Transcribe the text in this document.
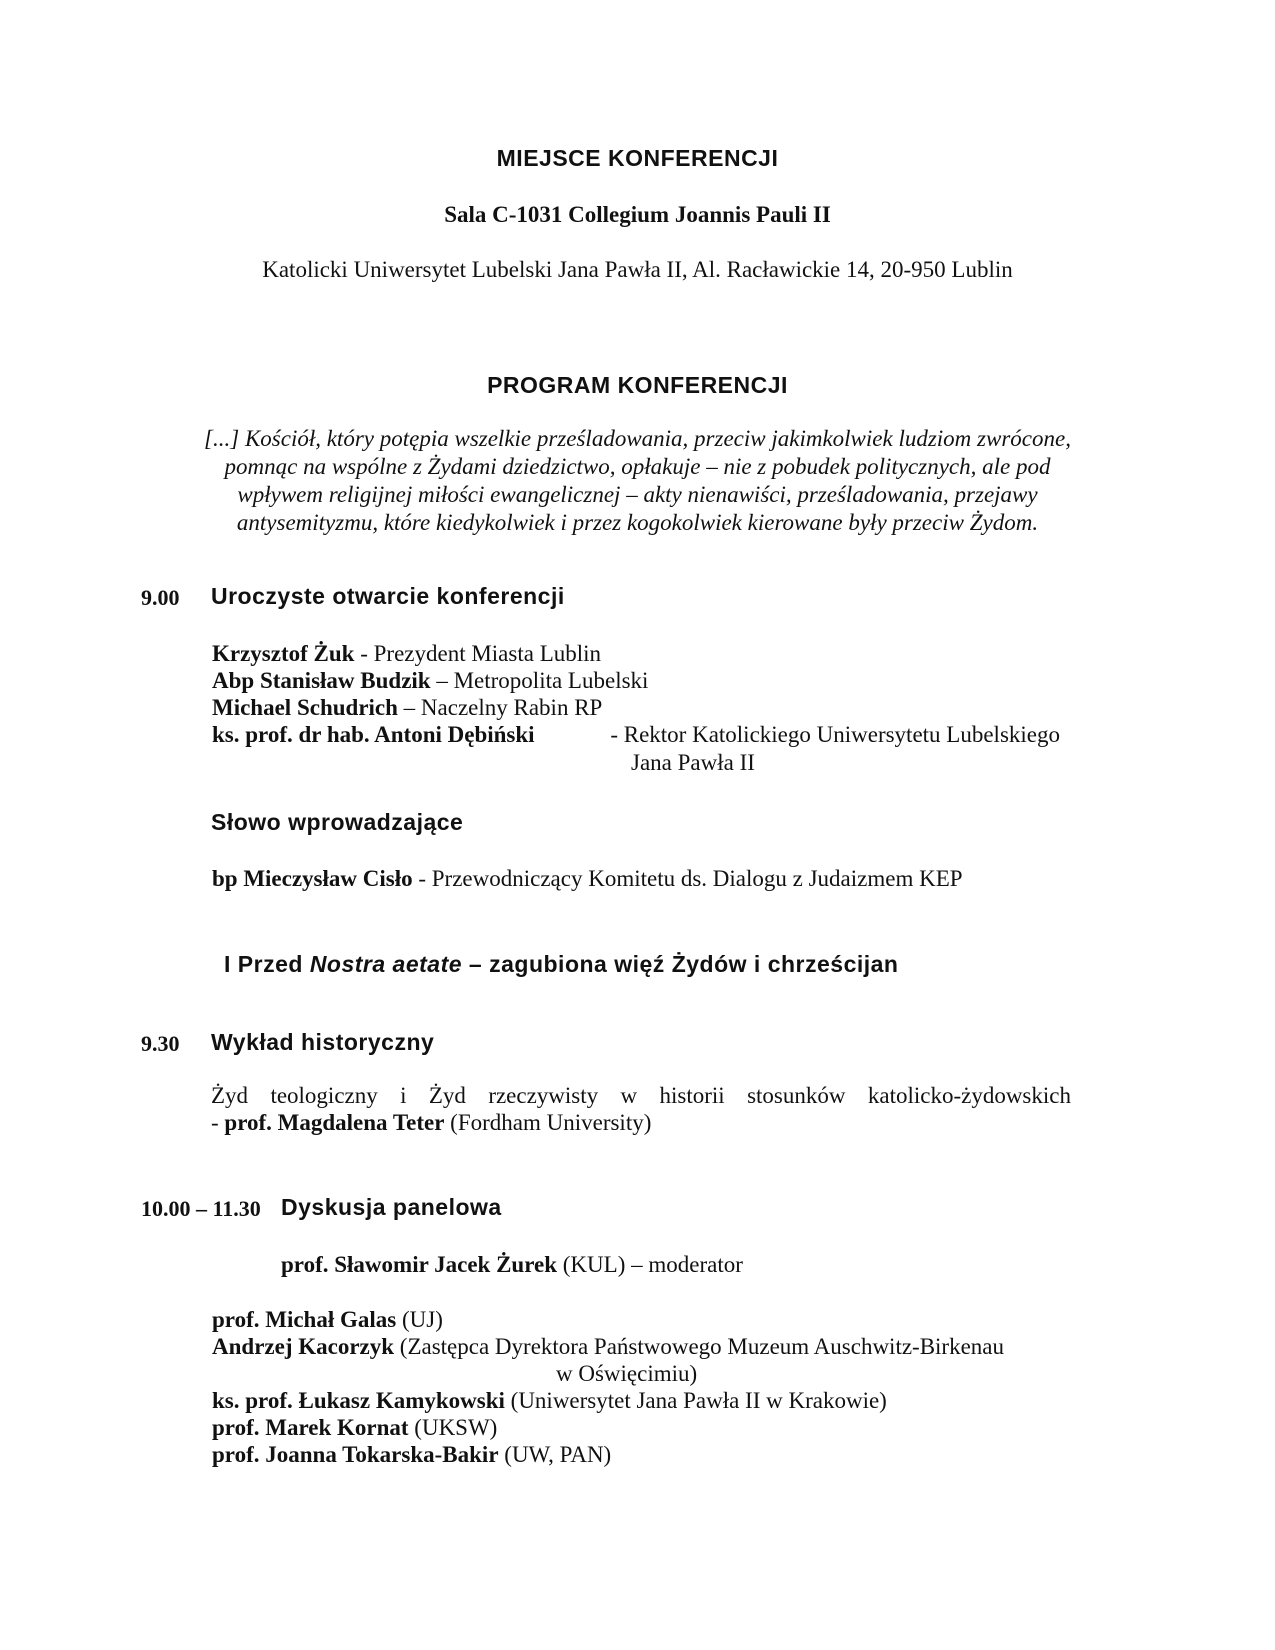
MIEJSCE KONFERENCJI
Sala C-1031 Collegium Joannis Pauli II
Katolicki Uniwersytet Lubelski Jana Pawła II, Al. Racławickie 14, 20-950 Lublin
PROGRAM KONFERENCJI
[...] Kościół, który potępia wszelkie prześladowania, przeciw jakimkolwiek ludziom zwrócone,
pomnąc na wspólne z Żydami dziedzictwo, opłakuje – nie z pobudek politycznych, ale pod
wpływem religijnej miłości ewangelicznej – akty nienawiści, prześladowania, przejawy
antysemityzmu, które kiedykolwiek i przez kogokolwiek kierowane były przeciw Żydom.
9.00 Uroczyste otwarcie konferencji
Krzysztof Żuk - Prezydent Miasta Lublin
Abp Stanisław Budzik – Metropolita Lubelski
Michael Schudrich – Naczelny Rabin RP
ks. prof. dr hab. Antoni Dębiński	- Rektor Katolickiego Uniwersytetu Lubelskiego
Jana Pawła II
Słowo wprowadzające
bp Mieczysław Cisło - Przewodniczący Komitetu ds. Dialogu z Judaizmem KEP
I Przed Nostra aetate – zagubiona więź Żydów i chrześcijan
9.30 Wykład historyczny
Żyd teologiczny i Żyd rzeczywisty w historii stosunków katolicko-żydowskich
- prof. Magdalena Teter (Fordham University)
10.00 – 11.30 Dyskusja panelowa
prof. Sławomir Jacek Żurek (KUL) – moderator
prof. Michał Galas (UJ)
Andrzej Kacorzyk (Zastępca Dyrektora Państwowego Muzeum Auschwitz-Birkenau
w Oświęcimiu)
ks. prof. Łukasz Kamykowski (Uniwersytet Jana Pawła II w Krakowie)
prof. Marek Kornat (UKSW)
prof. Joanna Tokarska-Bakir (UW, PAN)
